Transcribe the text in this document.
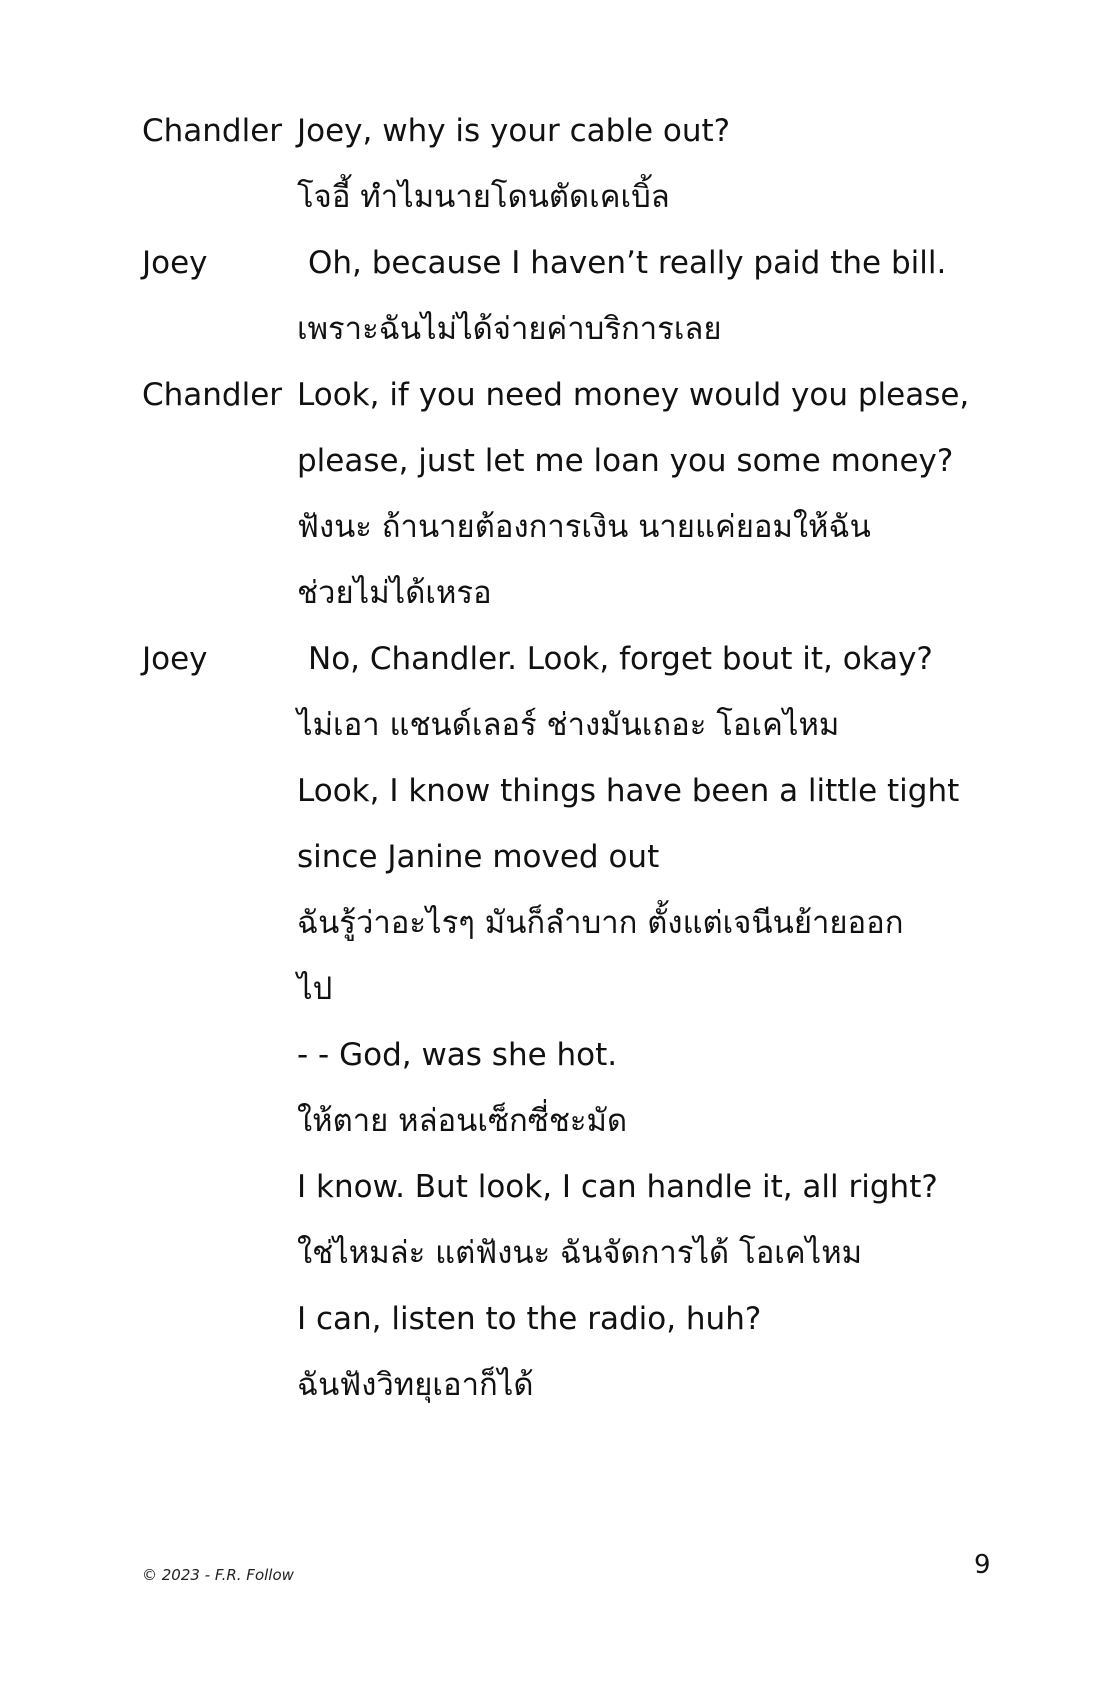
Chandler Joey, why is your cable out?
โจอี้ ทำไมนายโดนตัดเคเบิ้ล
Joey	Oh, because I haven’t really paid the bill.
เพราะฉันไม่ได้จ่ายค่าบริการเลย
Chandler Look, if you need money would you please,
please, just let me loan you some money?
ฟังนะ ถ้านายต้องการเงิน นายแค่ยอมให้ฉัน
ช่วยไม่ได้เหรอ
Joey	No, Chandler. Look, forget bout it, okay?
ไม่เอา แชนด์เลอร์ ช่างมันเถอะ โอเคไหม
Look, I know things have been a little tight
since Janine moved out
ฉันรู้ว่าอะไรๆ มันก็ลำบาก ตั้งแต่เจนีนย้ายออก
ไป
- - God, was she hot.
ให้ตาย หล่อนเซ็กซี่ชะมัด
I know. But look, I can handle it, all right?
ใช่ไหมล่ะ แต่ฟังนะ ฉันจัดการได้ โอเคไหม
I can, listen to the radio, huh?
ฉันฟังวิทยุเอาก็ได้
© 2023 - F.R. Follow	9
